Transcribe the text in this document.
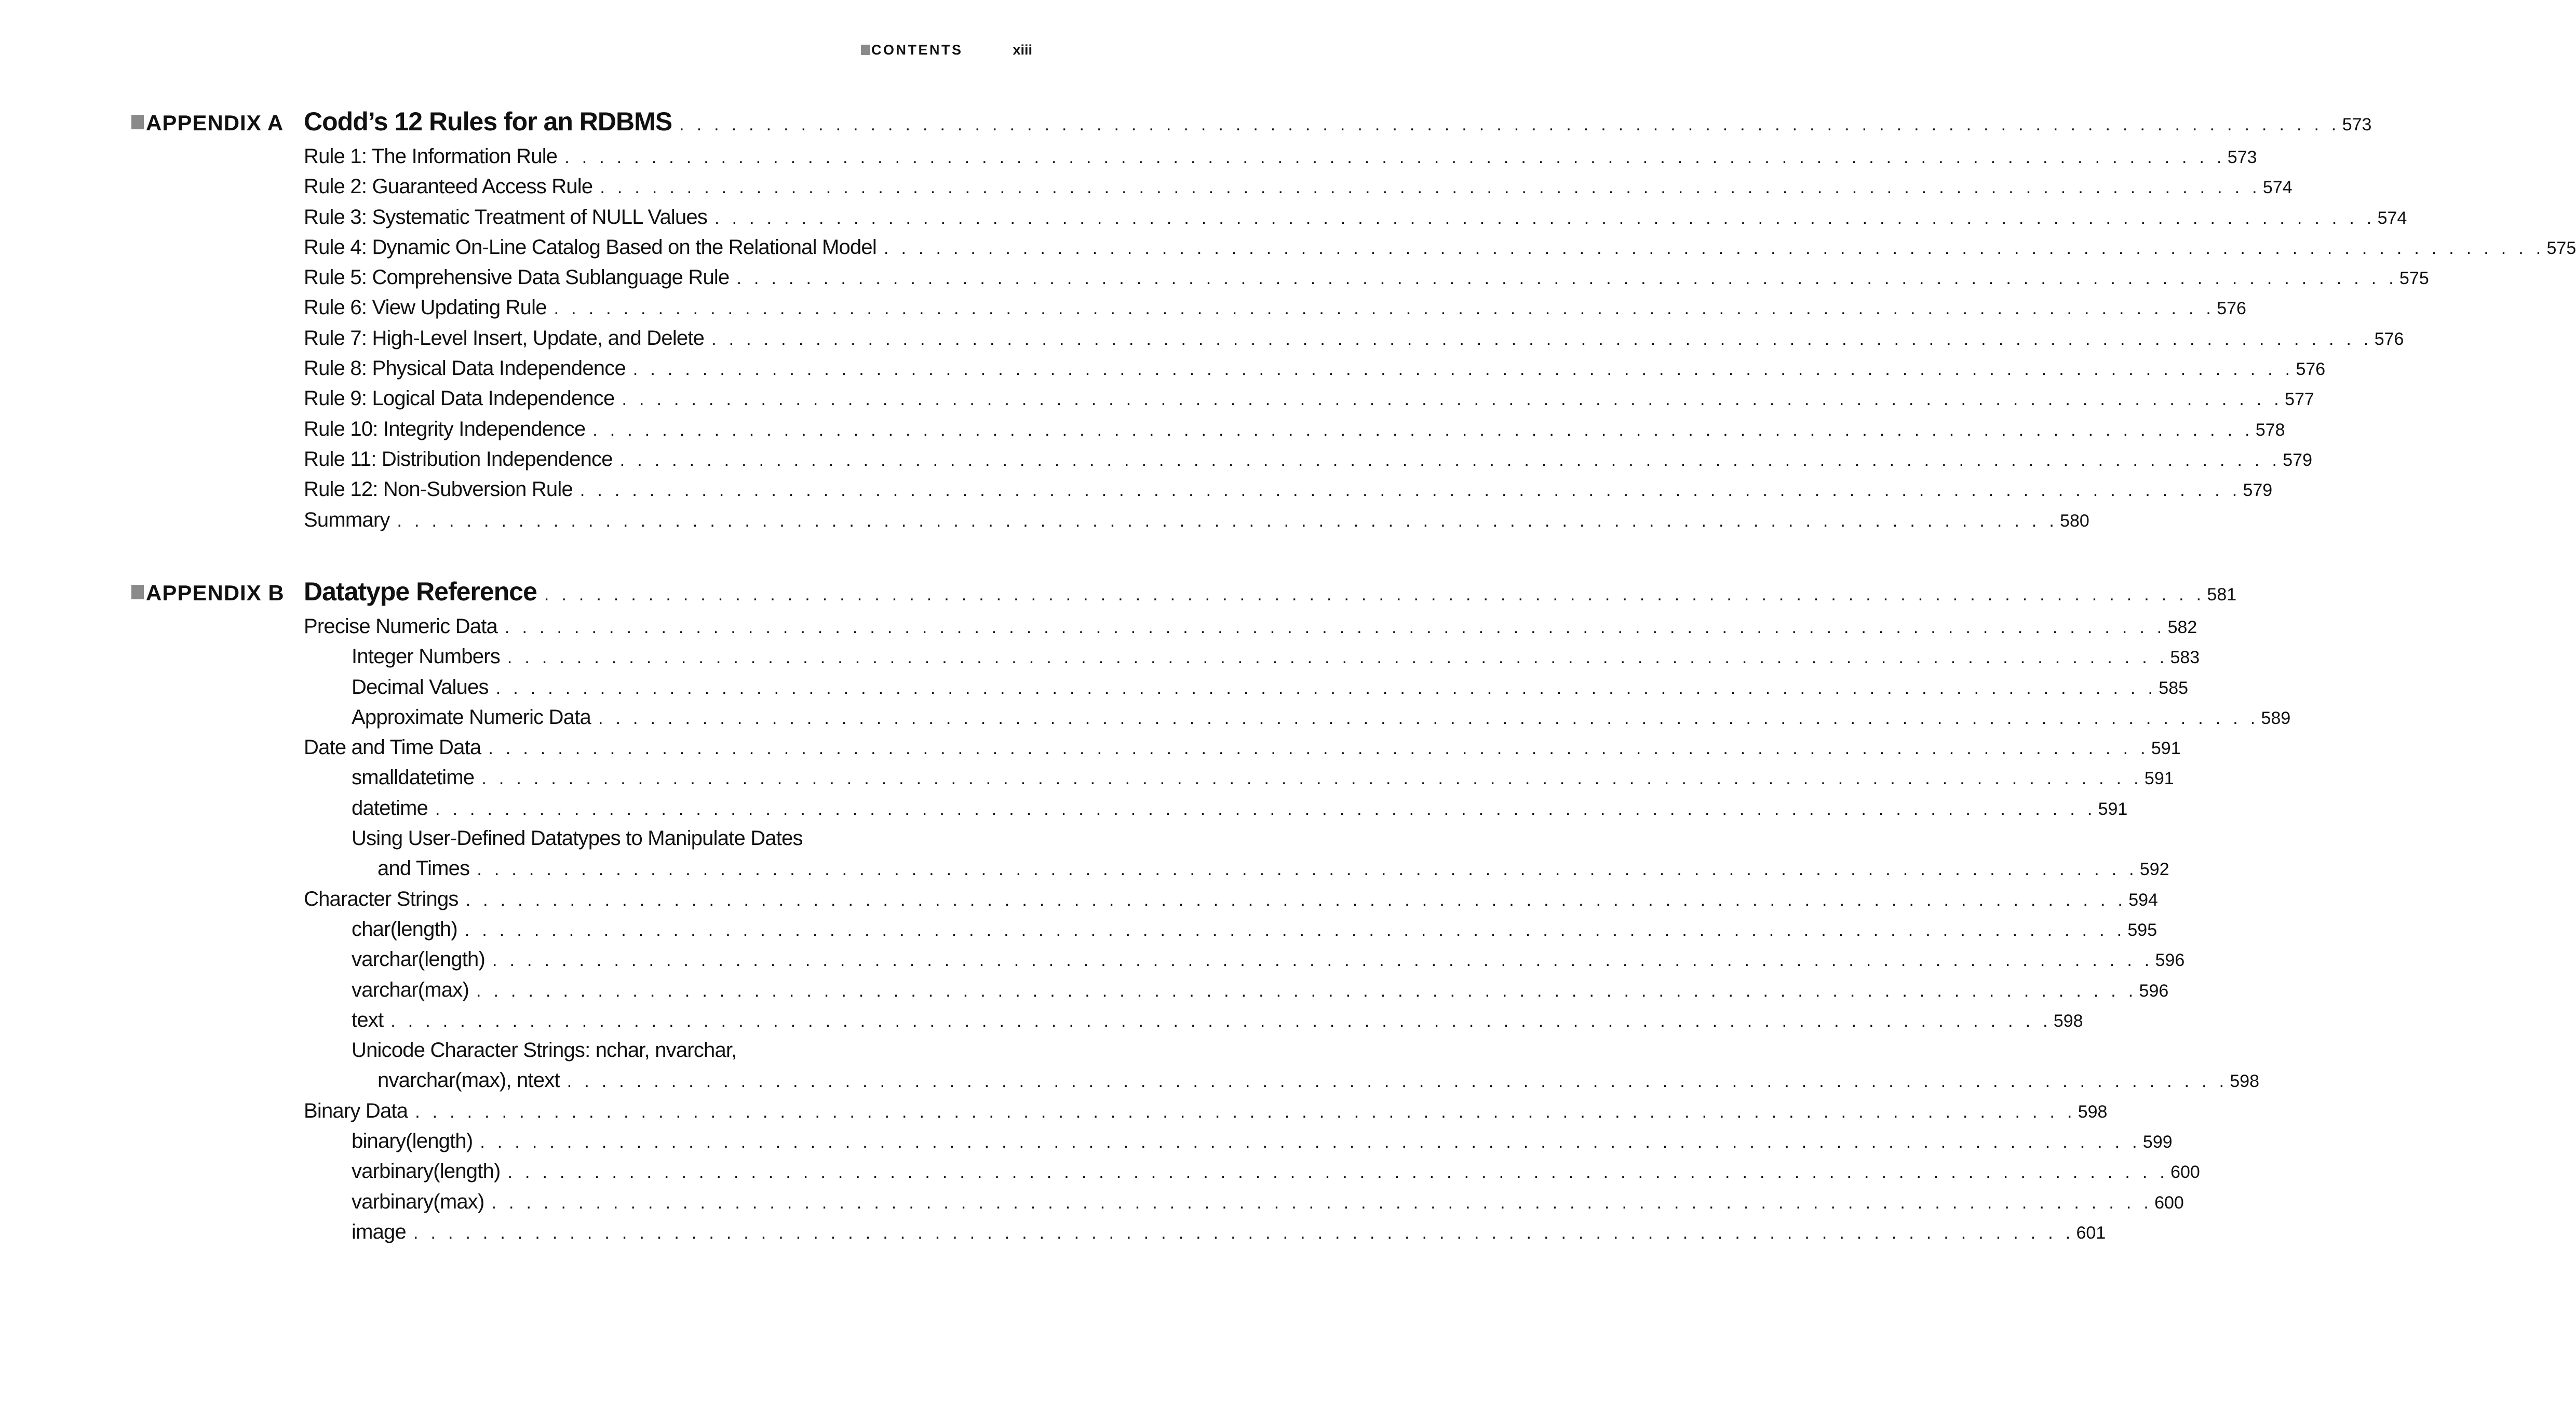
CONTENTS	xiii
APPENDIX A Codd’s 12 Rules for an RDBMS . . . . . . . . . . . . . . . . . . . . . . . . . . . . . . . . . . . . . . . . . . . . . . . . . . . . . . . . . . . . . . . . . . . . . . . . . . . . . . . . . . . . . . . . . . . . . . . . 573
Rule 1: The Information Rule . . . . . . . . . . . . . . . . . . . . . . . . . . . . . . . . . . . . . . . . . . . . . . . . . . . . . . . . . . . . . . . . . . . . . . . . . . . . . . . . . . . . . . . . . . . . . . . . 573
Rule 2: Guaranteed Access Rule . . . . . . . . . . . . . . . . . . . . . . . . . . . . . . . . . . . . . . . . . . . . . . . . . . . . . . . . . . . . . . . . . . . . . . . . . . . . . . . . . . . . . . . . . . . . . . . . 574
Rule 3: Systematic Treatment of NULL Values . . . . . . . . . . . . . . . . . . . . . . . . . . . . . . . . . . . . . . . . . . . . . . . . . . . . . . . . . . . . . . . . . . . . . . . . . . . . . . . . . . . . . . . . . . . . . . . . 574
Rule 4: Dynamic On-Line Catalog Based on the Relational Model . . . . . . . . . . . . . . . . . . . . . . . . . . . . . . . . . . . . . . . . . . . . . . . . . . . . . . . . . . . . . . . . . . . . . . . . . . . . . . . . . . . . . . . . . . . . . . . . 575
Rule 5: Comprehensive Data Sublanguage Rule . . . . . . . . . . . . . . . . . . . . . . . . . . . . . . . . . . . . . . . . . . . . . . . . . . . . . . . . . . . . . . . . . . . . . . . . . . . . . . . . . . . . . . . . . . . . . . . . 575
Rule 6: View Updating Rule . . . . . . . . . . . . . . . . . . . . . . . . . . . . . . . . . . . . . . . . . . . . . . . . . . . . . . . . . . . . . . . . . . . . . . . . . . . . . . . . . . . . . . . . . . . . . . . . 576
Rule 7: High-Level Insert, Update, and Delete . . . . . . . . . . . . . . . . . . . . . . . . . . . . . . . . . . . . . . . . . . . . . . . . . . . . . . . . . . . . . . . . . . . . . . . . . . . . . . . . . . . . . . . . . . . . . . . . 576
Rule 8: Physical Data Independence . . . . . . . . . . . . . . . . . . . . . . . . . . . . . . . . . . . . . . . . . . . . . . . . . . . . . . . . . . . . . . . . . . . . . . . . . . . . . . . . . . . . . . . . . . . . . . . . 576
Rule 9: Logical Data Independence . . . . . . . . . . . . . . . . . . . . . . . . . . . . . . . . . . . . . . . . . . . . . . . . . . . . . . . . . . . . . . . . . . . . . . . . . . . . . . . . . . . . . . . . . . . . . . . . 577
Rule 10: Integrity Independence . . . . . . . . . . . . . . . . . . . . . . . . . . . . . . . . . . . . . . . . . . . . . . . . . . . . . . . . . . . . . . . . . . . . . . . . . . . . . . . . . . . . . . . . . . . . . . . . 578
Rule 11: Distribution Independence . . . . . . . . . . . . . . . . . . . . . . . . . . . . . . . . . . . . . . . . . . . . . . . . . . . . . . . . . . . . . . . . . . . . . . . . . . . . . . . . . . . . . . . . . . . . . . . . 579
Rule 12: Non-Subversion Rule . . . . . . . . . . . . . . . . . . . . . . . . . . . . . . . . . . . . . . . . . . . . . . . . . . . . . . . . . . . . . . . . . . . . . . . . . . . . . . . . . . . . . . . . . . . . . . . . 579
Summary . . . . . . . . . . . . . . . . . . . . . . . . . . . . . . . . . . . . . . . . . . . . . . . . . . . . . . . . . . . . . . . . . . . . . . . . . . . . . . . . . . . . . . . . . . . . . . . . 580
APPENDIX B Datatype Reference . . . . . . . . . . . . . . . . . . . . . . . . . . . . . . . . . . . . . . . . . . . . . . . . . . . . . . . . . . . . . . . . . . . . . . . . . . . . . . . . . . . . . . . . . . . . . . . . 581
Precise Numeric Data . . . . . . . . . . . . . . . . . . . . . . . . . . . . . . . . . . . . . . . . . . . . . . . . . . . . . . . . . . . . . . . . . . . . . . . . . . . . . . . . . . . . . . . . . . . . . . . . 582
Integer Numbers . . . . . . . . . . . . . . . . . . . . . . . . . . . . . . . . . . . . . . . . . . . . . . . . . . . . . . . . . . . . . . . . . . . . . . . . . . . . . . . . . . . . . . . . . . . . . . . . 583
Decimal Values . . . . . . . . . . . . . . . . . . . . . . . . . . . . . . . . . . . . . . . . . . . . . . . . . . . . . . . . . . . . . . . . . . . . . . . . . . . . . . . . . . . . . . . . . . . . . . . . 585
Approximate Numeric Data . . . . . . . . . . . . . . . . . . . . . . . . . . . . . . . . . . . . . . . . . . . . . . . . . . . . . . . . . . . . . . . . . . . . . . . . . . . . . . . . . . . . . . . . . . . . . . . . 589
Date and Time Data . . . . . . . . . . . . . . . . . . . . . . . . . . . . . . . . . . . . . . . . . . . . . . . . . . . . . . . . . . . . . . . . . . . . . . . . . . . . . . . . . . . . . . . . . . . . . . . . 591
smalldatetime . . . . . . . . . . . . . . . . . . . . . . . . . . . . . . . . . . . . . . . . . . . . . . . . . . . . . . . . . . . . . . . . . . . . . . . . . . . . . . . . . . . . . . . . . . . . . . . . 591
datetime . . . . . . . . . . . . . . . . . . . . . . . . . . . . . . . . . . . . . . . . . . . . . . . . . . . . . . . . . . . . . . . . . . . . . . . . . . . . . . . . . . . . . . . . . . . . . . . . 591
Using User-Defined Datatypes to Manipulate Dates
and Times . . . . . . . . . . . . . . . . . . . . . . . . . . . . . . . . . . . . . . . . . . . . . . . . . . . . . . . . . . . . . . . . . . . . . . . . . . . . . . . . . . . . . . . . . . . . . . . . 592
Character Strings . . . . . . . . . . . . . . . . . . . . . . . . . . . . . . . . . . . . . . . . . . . . . . . . . . . . . . . . . . . . . . . . . . . . . . . . . . . . . . . . . . . . . . . . . . . . . . . . 594
char(length) . . . . . . . . . . . . . . . . . . . . . . . . . . . . . . . . . . . . . . . . . . . . . . . . . . . . . . . . . . . . . . . . . . . . . . . . . . . . . . . . . . . . . . . . . . . . . . . . 595
varchar(length) . . . . . . . . . . . . . . . . . . . . . . . . . . . . . . . . . . . . . . . . . . . . . . . . . . . . . . . . . . . . . . . . . . . . . . . . . . . . . . . . . . . . . . . . . . . . . . . . 596
varchar(max) . . . . . . . . . . . . . . . . . . . . . . . . . . . . . . . . . . . . . . . . . . . . . . . . . . . . . . . . . . . . . . . . . . . . . . . . . . . . . . . . . . . . . . . . . . . . . . . . 596
text . . . . . . . . . . . . . . . . . . . . . . . . . . . . . . . . . . . . . . . . . . . . . . . . . . . . . . . . . . . . . . . . . . . . . . . . . . . . . . . . . . . . . . . . . . . . . . . . 598
Unicode Character Strings: nchar, nvarchar,
nvarchar(max), ntext . . . . . . . . . . . . . . . . . . . . . . . . . . . . . . . . . . . . . . . . . . . . . . . . . . . . . . . . . . . . . . . . . . . . . . . . . . . . . . . . . . . . . . . . . . . . . . . . 598
Binary Data . . . . . . . . . . . . . . . . . . . . . . . . . . . . . . . . . . . . . . . . . . . . . . . . . . . . . . . . . . . . . . . . . . . . . . . . . . . . . . . . . . . . . . . . . . . . . . . . 598
binary(length) . . . . . . . . . . . . . . . . . . . . . . . . . . . . . . . . . . . . . . . . . . . . . . . . . . . . . . . . . . . . . . . . . . . . . . . . . . . . . . . . . . . . . . . . . . . . . . . . 599
varbinary(length) . . . . . . . . . . . . . . . . . . . . . . . . . . . . . . . . . . . . . . . . . . . . . . . . . . . . . . . . . . . . . . . . . . . . . . . . . . . . . . . . . . . . . . . . . . . . . . . . 600
varbinary(max) . . . . . . . . . . . . . . . . . . . . . . . . . . . . . . . . . . . . . . . . . . . . . . . . . . . . . . . . . . . . . . . . . . . . . . . . . . . . . . . . . . . . . . . . . . . . . . . . 600
image . . . . . . . . . . . . . . . . . . . . . . . . . . . . . . . . . . . . . . . . . . . . . . . . . . . . . . . . . . . . . . . . . . . . . . . . . . . . . . . . . . . . . . . . . . . . . . . . 601
